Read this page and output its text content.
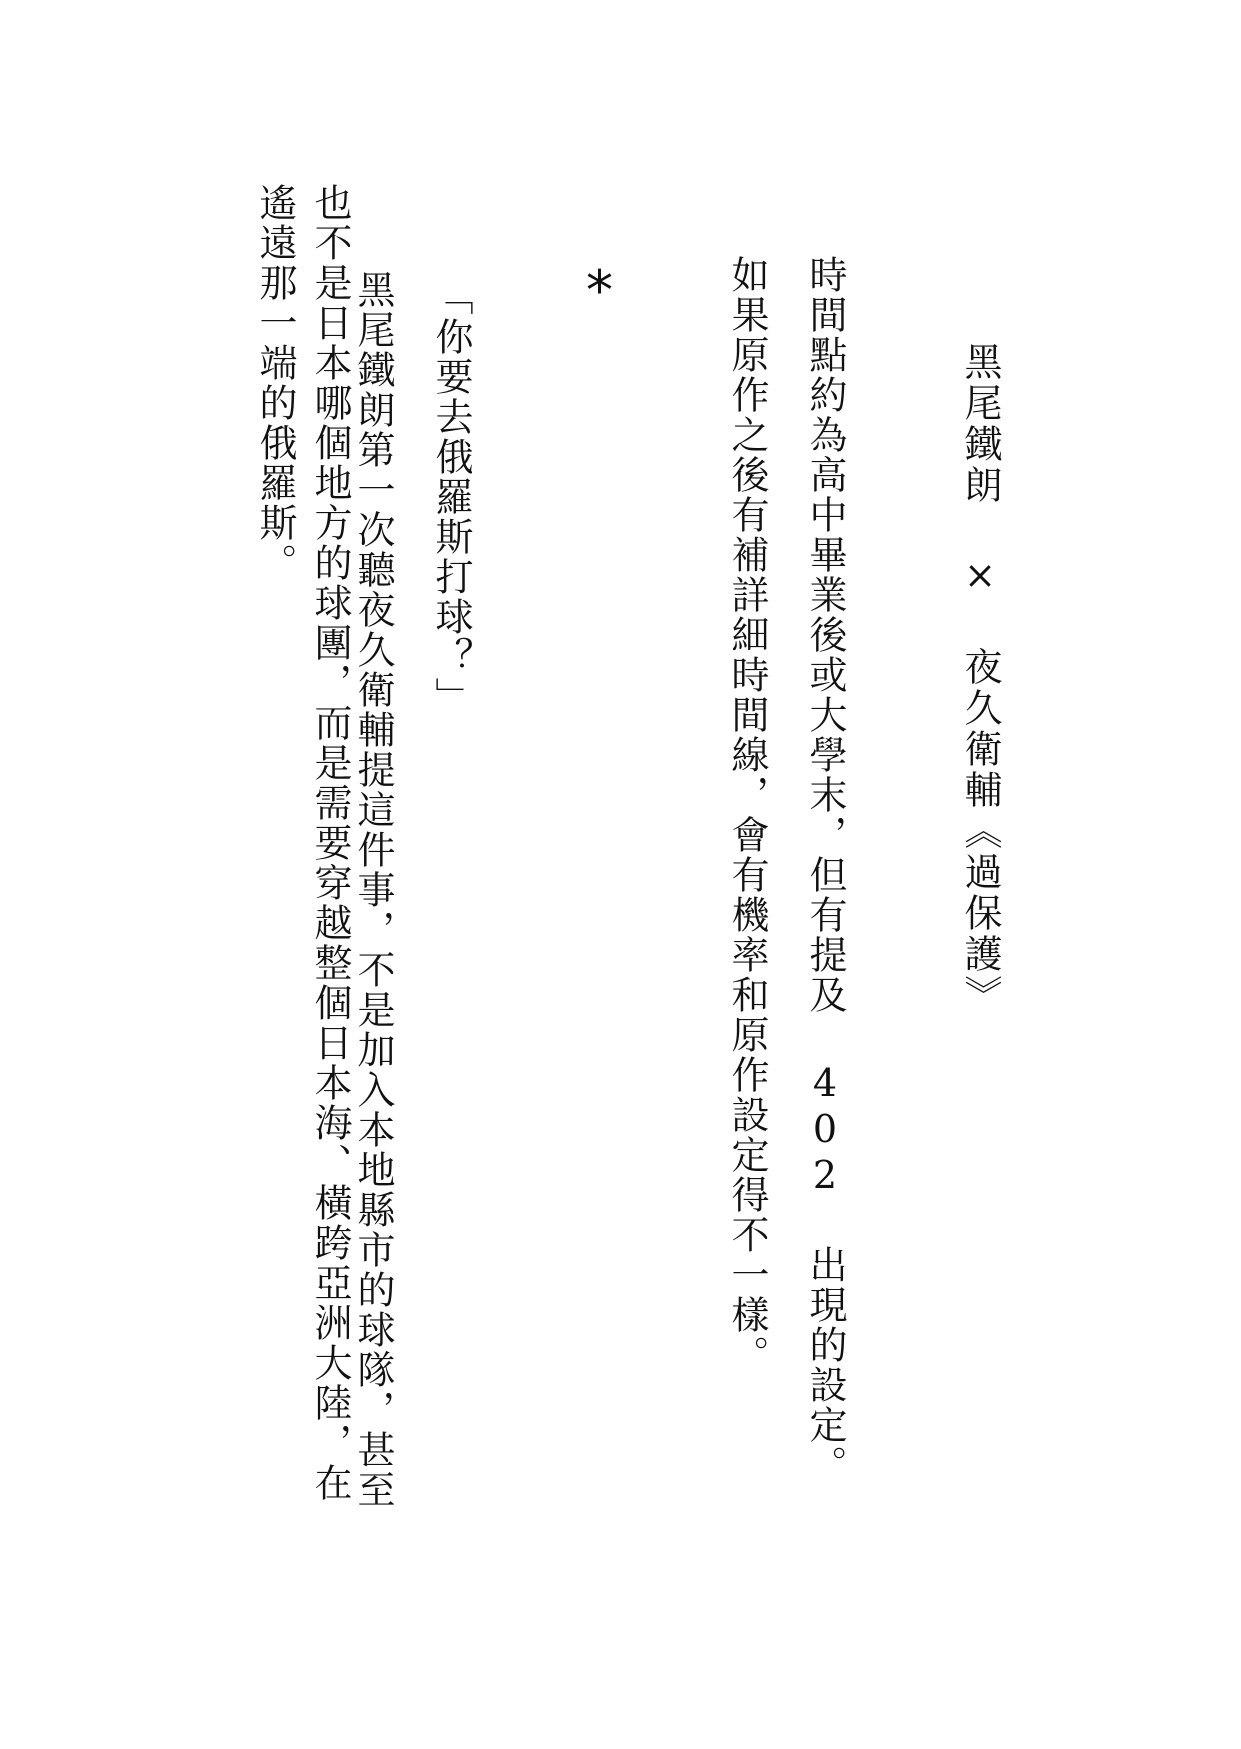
黑尾鐵朗 × 夜久衛輔《過保護》
時間點約為高中畢業後或大學末，但有提及 402 出現的設定。
如果原作之後有補詳細時間線，會有機率和原作設定得不一樣。
*
「你要去俄羅斯打球？」
黑尾鐵朗第一次聽夜久衛輔提這件事，不是加入本地縣市的球隊，甚至
也不是日本哪個地方的球團，而是需要穿越整個日本海、橫跨亞洲大陸，在
遙遠那一端的俄羅斯。
